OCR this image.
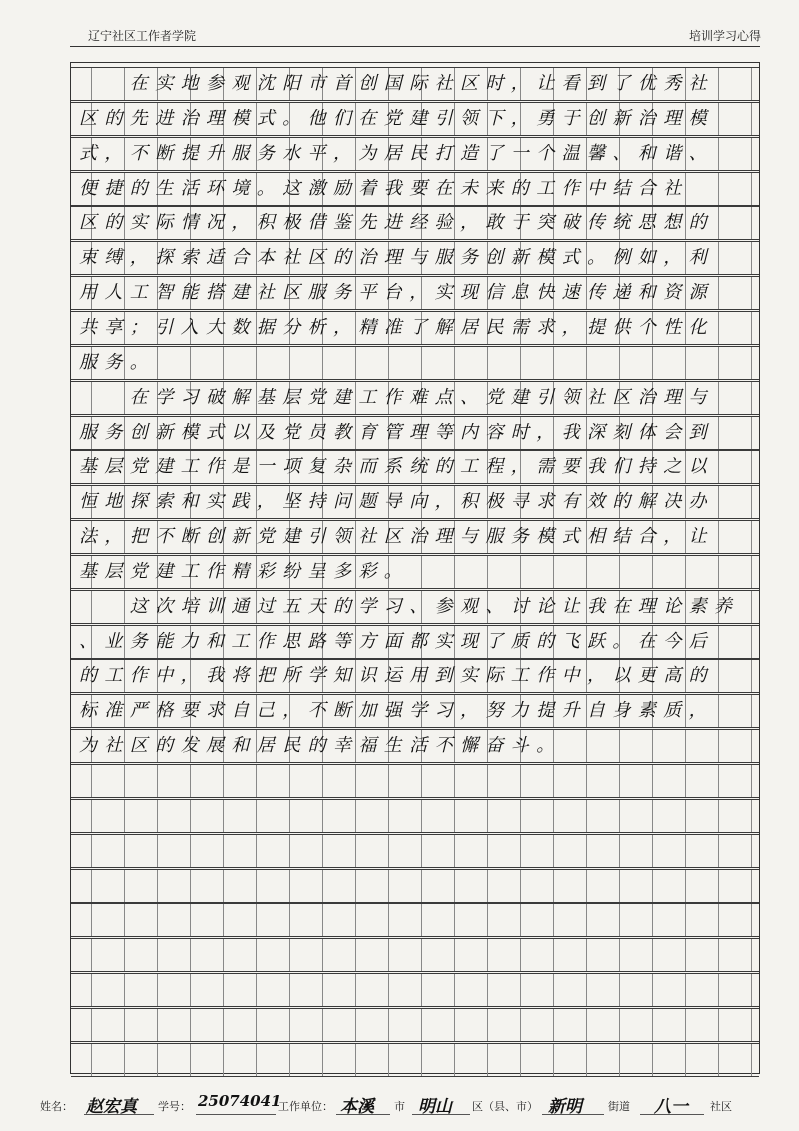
辽宁社区工作者学院	培训学习心得
　　在实地参观沈阳市首创国际社区时，让看到了优秀社
区的先进治理模式。他们在党建引领下，勇于创新治理模
式，不断提升服务水平，为居民打造了一个温馨、和谐、
便捷的生活环境。这激励着我要在未来的工作中结合社
区的实际情况，积极借鉴先进经验，敢于突破传统思想的
束缚，探索适合本社区的治理与服务创新模式。例如，利
用人工智能搭建社区服务平台，实现信息快速传递和资源
共享；引入大数据分析，精准了解居民需求，提供个性化
服务。
　　在学习破解基层党建工作难点、党建引领社区治理与
服务创新模式以及党员教育管理等内容时，我深刻体会到
基层党建工作是一项复杂而系统的工程，需要我们持之以
恒地探索和实践，坚持问题导向，积极寻求有效的解决办
法，把不断创新党建引领社区治理与服务模式相结合，让
基层党建工作精彩纷呈多彩。
　　这次培训通过五天的学习、参观、讨论让我在理论素养
、业务能力和工作思路等方面都实现了质的飞跃。在今后
的工作中，我将把所学知识运用到实际工作中，以更高的
标准严格要求自己，不断加强学习，努力提升自身素质，
为社区的发展和居民的幸福生活不懈奋斗。
姓名： 赵宏真 学号： 25074041
工作单位： 本溪 市 明山 区（县、市） 新明 街道 八一 社区
